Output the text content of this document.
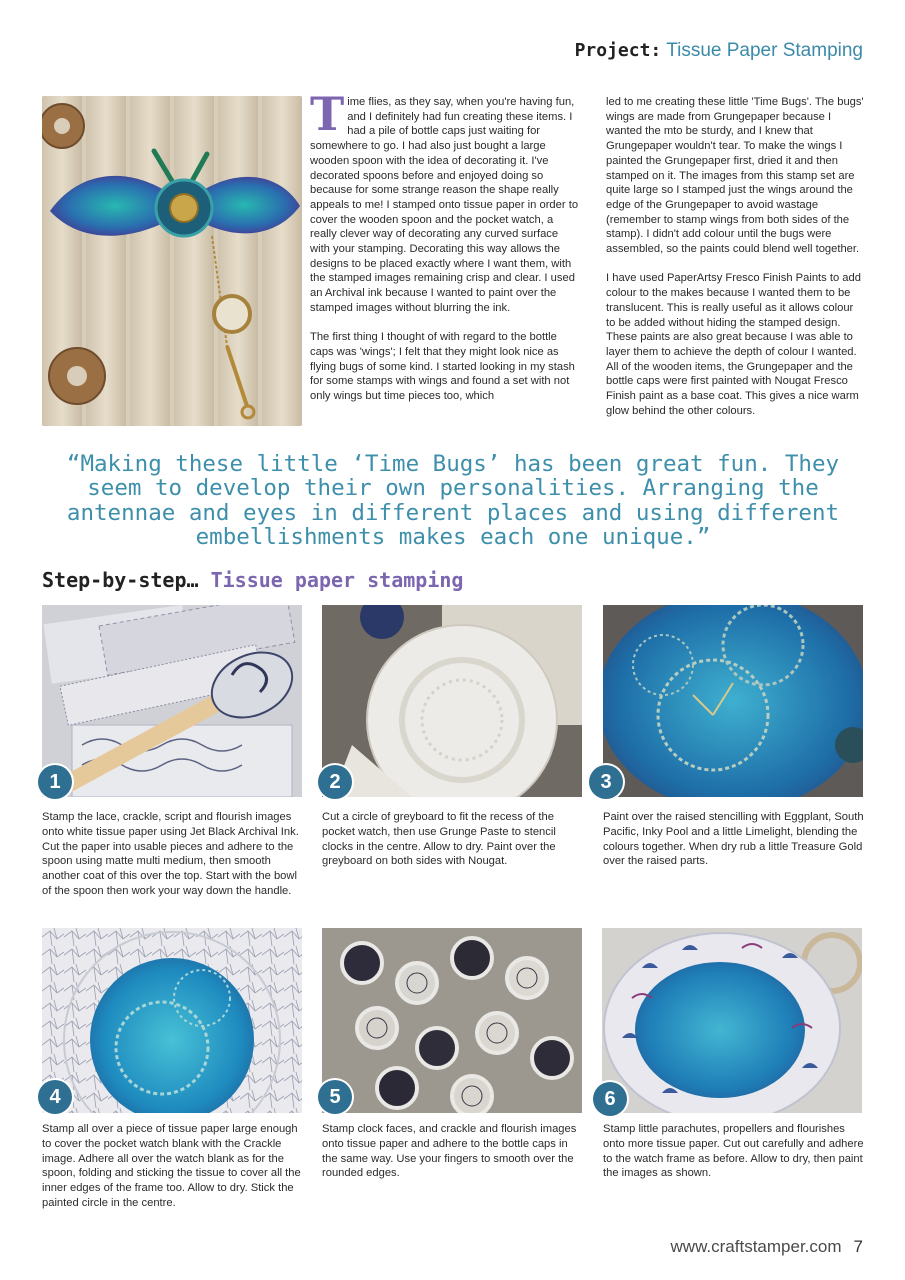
Project: Tissue Paper Stamping

Time flies, as they say, when you're having fun, and I definitely had fun creating these items. I had a pile of bottle caps just waiting for somewhere to go. I had also just bought a large wooden spoon with the idea of decorating it. I've decorated spoons before and enjoyed doing so because for some strange reason the shape really appeals to me! I stamped onto tissue paper in order to cover the wooden spoon and the pocket watch, a really clever way of decorating any curved surface with your stamping. Decorating this way allows the designs to be placed exactly where I want them, with the stamped images remaining crisp and clear. I used an Archival ink because I wanted to paint over the stamped images without blurring the ink.

The first thing I thought of with regard to the bottle caps was 'wings'; I felt that they might look nice as flying bugs of some kind. I started looking in my stash for some stamps with wings and found a set with not only wings but time pieces too, which

led to me creating these little 'Time Bugs'. The bugs' wings are made from Grungepaper because I wanted the mto be sturdy, and I knew that Grungepaper wouldn't tear. To make the wings I painted the Grungepaper first, dried it and then stamped on it. The images from this stamp set are quite large so I stamped just the wings around the edge of the Grungepaper to avoid wastage (remember to stamp wings from both sides of the stamp). I didn't add colour until the bugs were assembled, so the paints could blend well together.

I have used PaperArtsy Fresco Finish Paints to add colour to the makes because I wanted them to be translucent. This is really useful as it allows colour to be added without hiding the stamped design. These paints are also great because I was able to layer them to achieve the depth of colour I wanted. All of the wooden items, the Grungepaper and the bottle caps were first painted with Nougat Fresco Finish paint as a base coat. This gives a nice warm glow behind the other colours.

“Making these little ‘Time Bugs’ has been great fun. They seem to develop their own personalities. Arranging the antennae and eyes in different places and using different embellishments makes each one unique.”
Step-by-step… Tissue paper stamping
1
Stamp the lace, crackle, script and flourish images onto white tissue paper using Jet Black Archival Ink. Cut the paper into usable pieces and adhere to the spoon using matte multi medium, then smooth another coat of this over the top. Start with the bowl of the spoon then work your way down the handle.
2
Cut a circle of greyboard to fit the recess of the pocket watch, then use Grunge Paste to stencil clocks in the centre. Allow to dry. Paint over the greyboard on both sides with Nougat.
3
Paint over the raised stencilling with Eggplant, South Pacific, Inky Pool and a little Limelight, blending the colours together. When dry rub a little Treasure Gold over the raised parts.
4
Stamp all over a piece of tissue paper large enough to cover the pocket watch blank with the Crackle image. Adhere all over the watch blank as for the spoon, folding and sticking the tissue to cover all the inner edges of the frame too. Allow to dry. Stick the painted circle in the centre.
5
Stamp clock faces, and crackle and flourish images onto tissue paper and adhere to the bottle caps in the same way. Use your fingers to smooth over the rounded edges.
6
Stamp little parachutes, propellers and flourishes onto more tissue paper. Cut out carefully and adhere to the watch frame as before. Allow to dry, then paint the images as shown.
www.craftstamper.com 7
